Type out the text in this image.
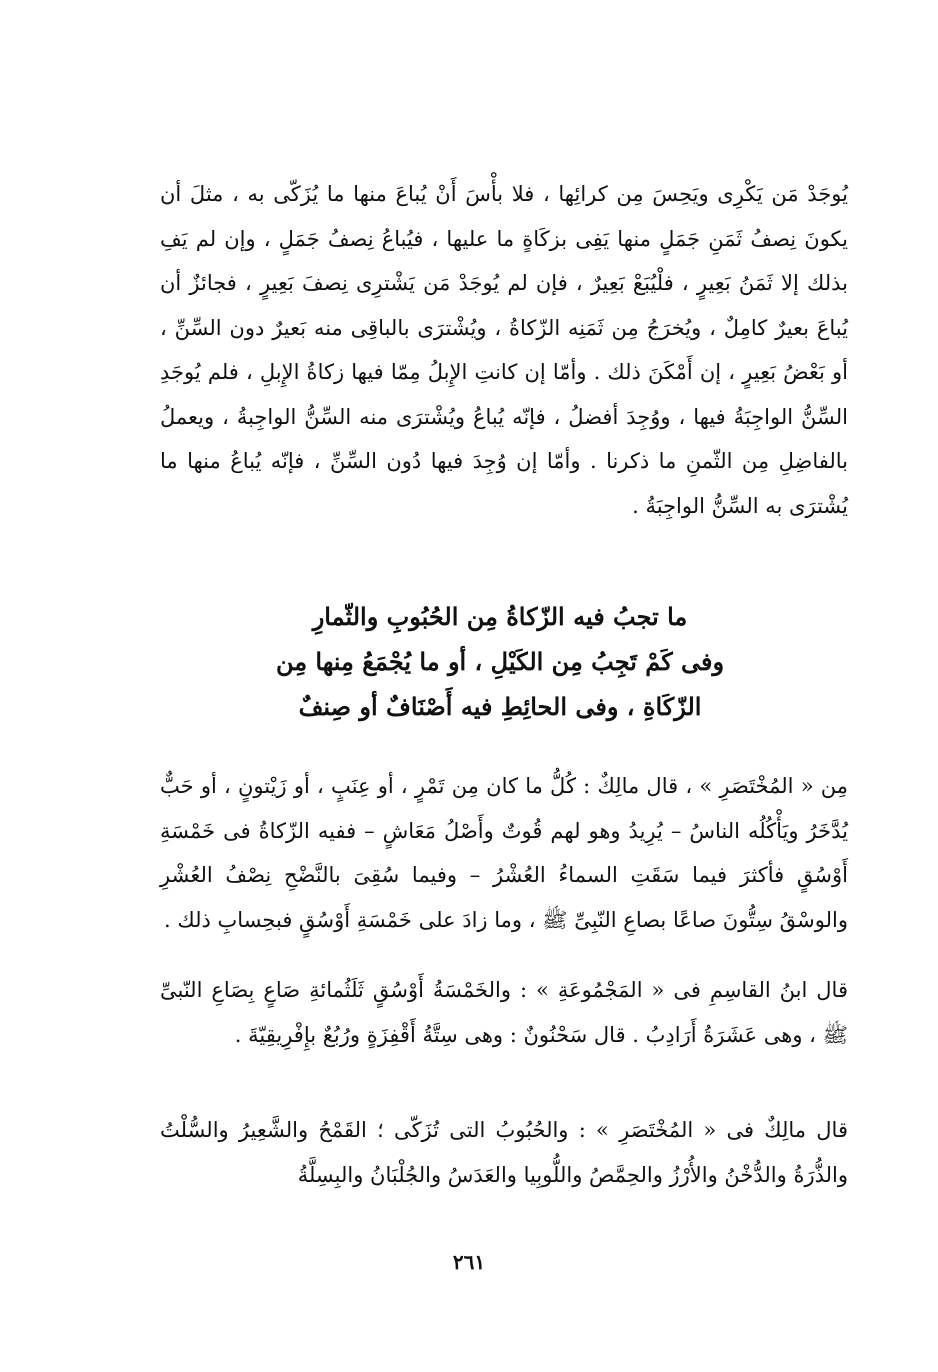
يُوجَدْ مَن يَكْرِى ويَحِسَ مِن كرائِها ، فلا بأْسَ أَنْ يُباعَ منها ما يُزَكّى به ، مثلَ أن يكونَ نِصفُ ثَمَنِ جَمَلٍ منها يَفِى بزكَاةٍ ما عليها ، فيُباعُ نِصفُ جَمَلٍ ، وإن لم يَفِ بذلك إلا ثَمَنُ بَعِيرٍ ، فلْيُبَعْ بَعِيرٌ ، فإن لم يُوجَدْ مَن يَشْترِى نِصفَ بَعِيرٍ ، فجائزٌ أن يُباعَ بعيرٌ كامِلٌ ، ويُخرَجُ مِن ثَمَنِه الزّكاةُ ، ويُشْترَى بالباقِى منه بَعيرٌ دون السِّنِّ ، أو بَعْضُ بَعِيرٍ ، إن أَمْكَنَ ذلك . وأمّا إن كانتِ الإِبلُ مِمّا فيها زكاةُ الإِبلِ ، فلم يُوجَدِ السِّنُّ الواجِبَةُ فيها ، ووُجِدَ أفضلُ ، فإنّه يُباعُ ويُشْترَى منه السِّنُّ الواجِبةُ ، ويعملُ بالفاضِلِ مِن الثّمنِ ما ذكرنا . وأمّا إن وُجِدَ فيها دُون السِّنِّ ، فإنّه يُباعُ منها ما يُشْترَى به السِّنُّ الواجِبَةُ .

ما تجبُ فيه الزّكاةُ مِن الحُبُوبِ والثّمارِ
وفى كَمْ تَجِبُ مِن الكَيْلِ ، أو ما يُجْمَعُ مِنها مِن
الزّكَاةِ ، وفى الحائِطِ فيه أَصْنَافٌ أو صِنفٌ

مِن « المُخْتَصَرِ » ، قال مالِكٌ : كُلُّ ما كان مِن تَمْرٍ ، أو عِنَبٍ ، أو زَيْتونٍ ، أو حَبٌّ يُدَّخَرُ ويَأْكُلُه الناسُ – يُرِيدُ وهو لهم قُوتٌ وأَصْلُ مَعَاشٍ – ففيه الزّكاةُ فى خَمْسَةِ أَوْسُقٍ فأكثرَ فيما سَقَتِ السماءُ العُشْرُ – وفيما سُقِىَ بالنَّضْحِ نِصْفُ العُشْرِ والوسْقُ سِتُّونَ صاعًا بصاعِ النّبِىِّ ﷺ ، وما زادَ على خَمْسَةِ أَوْسُقٍ فبحِسابِ ذلك .

قال ابنُ القاسِمِ فى « المَجْمُوعَةِ » : والخَمْسَةُ أَوْسُقٍ ثَلَثُمائةِ صَاعٍ بِصَاعِ النّبىِّ ﷺ ، وهى عَشَرَةُ أَرَادِبُ . قال سَحْنُونٌ : وهى سِتَّةُ أَقْفِزَةٍ ورُبُعٌ بإِفْرِيقِيّةَ .

قال مالِكٌ فى « المُخْتَصَرِ » : والحُبُوبُ التى تُزَكّى ؛ القَمْحُ والشَّعِيرُ والسُّلْتُ والذُّرَةُ والدُّخْنُ والأُرْزُ والحِمَّصُ واللُّوبِيا والعَدَسُ والجُلْبَانُ والبِسِلَّةُ

٢٦١
